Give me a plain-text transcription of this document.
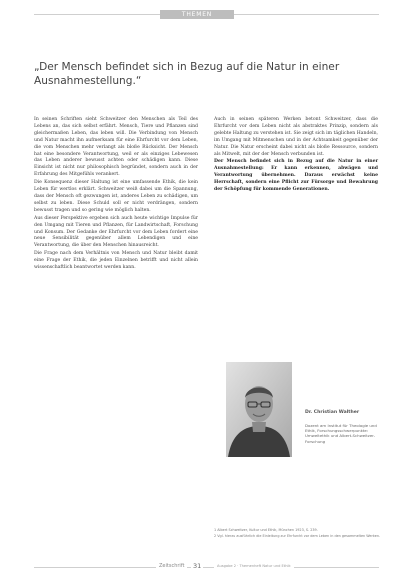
THEMEN
„Der Mensch befindet sich in Bezug auf die Natur in einer Ausnahmestellung.“

In seinen Schriften sieht Schweitzer den Menschen als Teil des Lebens an, das sich selbst erfährt. Mensch, Tiere und Pflanzen sind gleichermaßen Leben, das leben will. Die Verbindung von Mensch und Natur macht ihn aufmerksam für eine Ehrfurcht vor dem Leben, die vom Menschen mehr verlangt als bloße Rücksicht. Der Mensch hat eine besondere Verantwortung, weil er als einziges Lebewesen das Leben anderer bewusst achten oder schädigen kann. Diese Einsicht ist nicht nur philosophisch begründet, sondern auch in der Erfahrung des Mitgefühls verankert.

Die Konsequenz dieser Haltung ist eine umfassende Ethik, die kein Leben für wertlos erklärt. Schweitzer weiß dabei um die Spannung, dass der Mensch oft gezwungen ist, anderes Leben zu schädigen, um selbst zu leben. Diese Schuld soll er nicht verdrängen, sondern bewusst tragen und so gering wie möglich halten.

Aus dieser Perspektive ergeben sich auch heute wichtige Impulse für den Umgang mit Tieren und Pflanzen, für Landwirtschaft, Forschung und Konsum. Der Gedanke der Ehrfurcht vor dem Leben fordert eine neue Sensibilität gegenüber allem Lebendigen und eine Verantwortung, die über den Menschen hinausreicht.

Die Frage nach dem Verhältnis von Mensch und Natur bleibt damit eine Frage der Ethik, die jeden Einzelnen betrifft und nicht allein wissenschaftlich beantwortet werden kann.

Auch in seinen späteren Werken betont Schweitzer, dass die Ehrfurcht vor dem Leben nicht als abstraktes Prinzip, sondern als gelebte Haltung zu verstehen ist. Sie zeigt sich im täglichen Handeln, im Umgang mit Mitmenschen und in der Achtsamkeit gegenüber der Natur. Die Natur erscheint dabei nicht als bloße Ressource, sondern als Mitwelt, mit der der Mensch verbunden ist.

Der Mensch befindet sich in Bezug auf die Natur in einer Ausnahmestellung: Er kann erkennen, abwägen und Verantwortung übernehmen. Daraus erwächst keine Herrschaft, sondern eine Pflicht zur Fürsorge und Bewahrung der Schöpfung für kommende Generationen.

Dr. Christian Walther

Dozent am Institut für Theologie und Ethik, Forschungsschwerpunkte: Umweltethik und Albert-Schweitzer-Forschung

1 Albert Schweitzer, Kultur und Ethik, München 1923, S. 239.

2 Vgl. hierzu ausführlich die Einleitung zur Ehrfurcht vor dem Leben in den gesammelten Werken.

Zeitschrift	31	Ausgabe 2 · Themenheft Natur und Ethik
